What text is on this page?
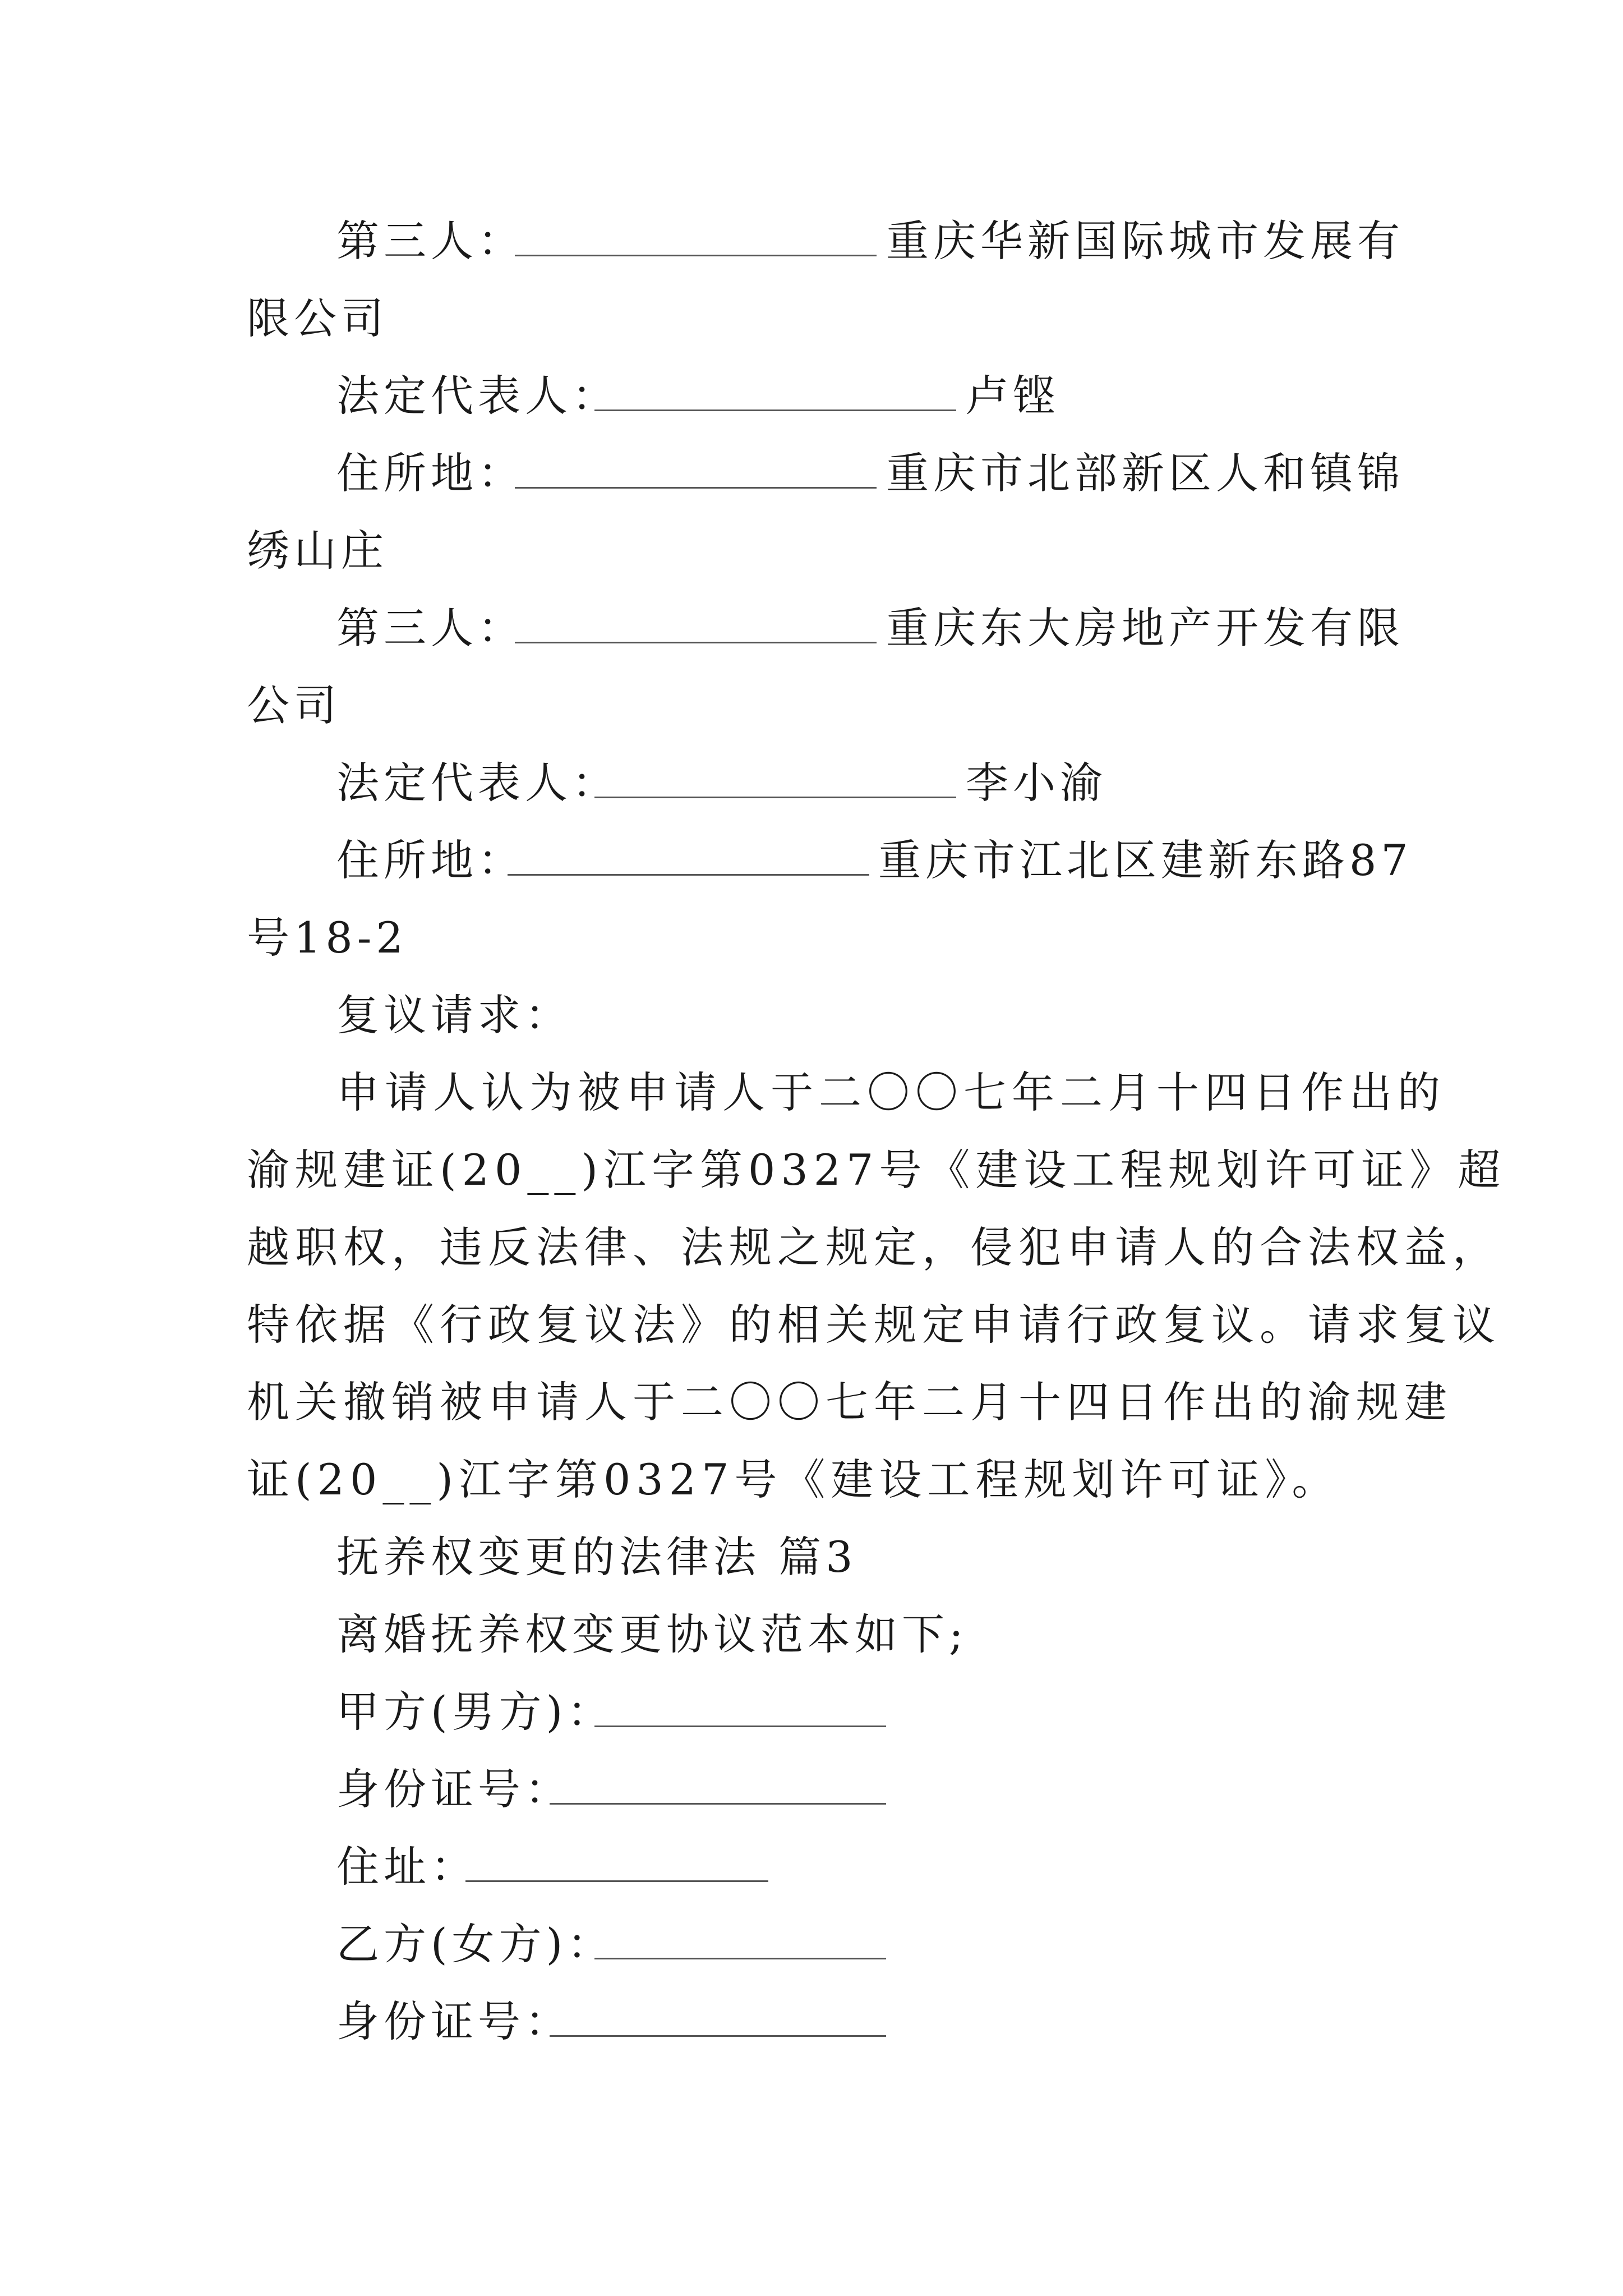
第三人：	重庆华新国际城市发展有
限公司
法定代表人：	卢铿
住所地：	重庆市北部新区人和镇锦
绣山庄
第三人：	重庆东大房地产开发有限
公司
法定代表人：	李小渝
住所地：	重庆市江北区建新东路87
号18-2
复议请求：
申请人认为被申请人于二〇〇七年二月十四日作出的
渝规建证(20__)江字第0327号《建设工程规划许可证》超
越职权，违反法律、法规之规定，侵犯申请人的合法权益，
特依据《行政复议法》的相关规定申请行政复议。请求复议
机关撤销被申请人于二〇〇七年二月十四日作出的渝规建
证(20__)江字第0327号《建设工程规划许可证》。
抚养权变更的法律法 篇3
离婚抚养权变更协议范本如下;
甲方(男方)：
身份证号：
住址：
乙方(女方)：
身份证号：
